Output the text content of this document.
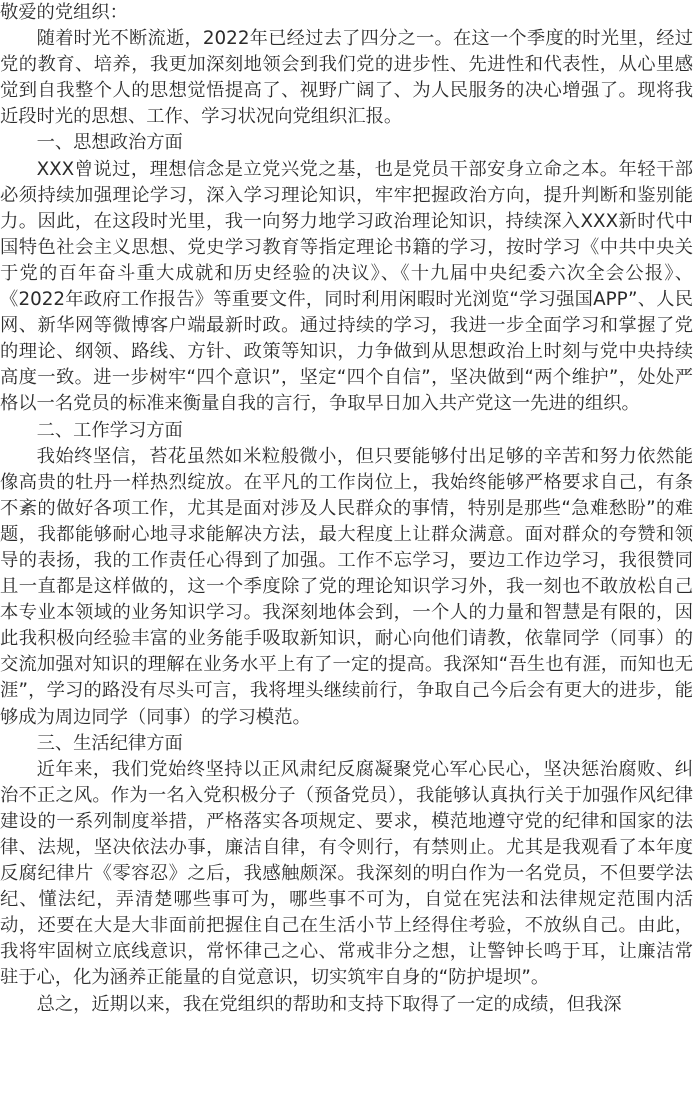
敬爱的党组织：

随着时光不断流逝，2022年已经过去了四分之一。在这一个季度的时光里，经过党的教育、培养，我更加深刻地领会到我们党的进步性、先进性和代表性，从心里感觉到自我整个人的思想觉悟提高了、视野广阔了、为人民服务的决心增强了。现将我近段时光的思想、工作、学习状况向党组织汇报。

一、思想政治方面

XXX曾说过，理想信念是立党兴党之基，也是党员干部安身立命之本。年轻干部必须持续加强理论学习，深入学习理论知识，牢牢把握政治方向，提升判断和鉴别能力。因此，在这段时光里，我一向努力地学习政治理论知识，持续深入XXX新时代中国特色社会主义思想、党史学习教育等指定理论书籍的学习，按时学习《中共中央关于党的百年奋斗重大成就和历史经验的决议》、《十九届中央纪委六次全会公报》、《2022年政府工作报告》等重要文件，同时利用闲暇时光浏览“学习强国APP”、人民网、新华网等微博客户端最新时政。通过持续的学习，我进一步全面学习和掌握了党的理论、纲领、路线、方针、政策等知识，力争做到从思想政治上时刻与党中央持续高度一致。进一步树牢“四个意识”，坚定“四个自信”，坚决做到“两个维护”，处处严格以一名党员的标准来衡量自我的言行，争取早日加入共产党这一先进的组织。

二、工作学习方面

我始终坚信，苔花虽然如米粒般微小，但只要能够付出足够的辛苦和努力依然能像高贵的牡丹一样热烈绽放。在平凡的工作岗位上，我始终能够严格要求自己，有条不紊的做好各项工作，尤其是面对涉及人民群众的事情，特别是那些“急难愁盼”的难题，我都能够耐心地寻求能解决方法，最大程度上让群众满意。面对群众的夸赞和领导的表扬，我的工作责任心得到了加强。工作不忘学习，要边工作边学习，我很赞同且一直都是这样做的，这一个季度除了党的理论知识学习外，我一刻也不敢放松自己本专业本领域的业务知识学习。我深刻地体会到，一个人的力量和智慧是有限的，因此我积极向经验丰富的业务能手吸取新知识，耐心向他们请教，依靠同学（同事）的交流加强对知识的理解在业务水平上有了一定的提高。我深知“吾生也有涯，而知也无涯”，学习的路没有尽头可言，我将埋头继续前行，争取自己今后会有更大的进步，能够成为周边同学（同事）的学习模范。

三、生活纪律方面

近年来，我们党始终坚持以正风肃纪反腐凝聚党心军心民心，坚决惩治腐败、纠治不正之风。作为一名入党积极分子（预备党员），我能够认真执行关于加强作风纪律建设的一系列制度举措，严格落实各项规定、要求，模范地遵守党的纪律和国家的法律、法规，坚决依法办事，廉洁自律，有令则行，有禁则止。尤其是我观看了本年度反腐纪律片《零容忍》之后，我感触颇深。我深刻的明白作为一名党员，不但要学法纪、懂法纪，弄清楚哪些事可为，哪些事不可为，自觉在宪法和法律规定范围内活动，还要在大是大非面前把握住自己在生活小节上经得住考验，不放纵自己。由此，我将牢固树立底线意识，常怀律己之心、常戒非分之想，让警钟长鸣于耳，让廉洁常驻于心，化为涵养正能量的自觉意识，切实筑牢自身的“防护堤坝”。

总之，近期以来，我在党组织的帮助和支持下取得了一定的成绩，但我深
